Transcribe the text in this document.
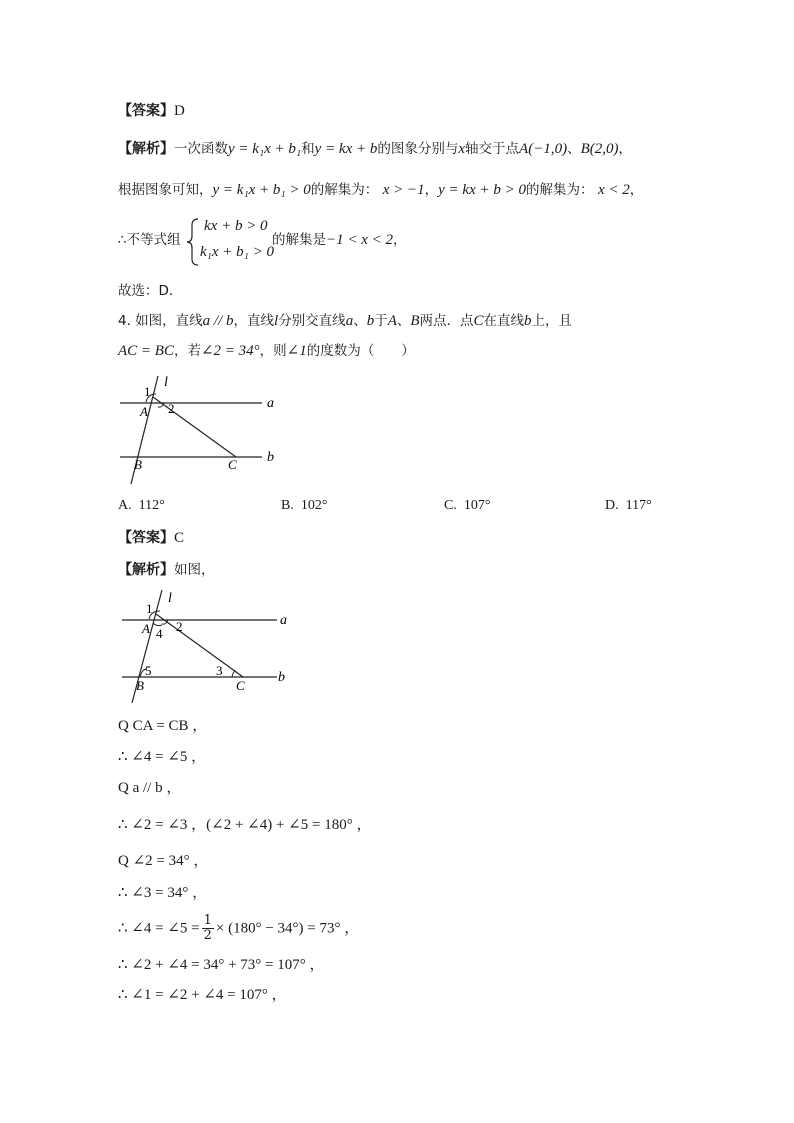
【答案】D
【解析】一次函数y = k₁x + b₁和y = kx + b的图象分别与x轴交于点A(−1,0)、B(2,0)，
根据图象可知，y = k₁x + b₁ > 0的解集为： x > −1，y = kx + b > 0的解集为： x < 2，
∴不等式组
kx + b > 0
k₁x + b₁ > 0
的解集是−1 < x < 2，
故选：D．
4. 如图，直线a // b，直线l分别交直线a、b于A、B两点．点C在直线b上，且
AC = BC，若∠2 = 34°，则∠1的度数为（　　）
1
l
A 2	a
B	C b
A. 112°	B. 102°	C. 107°	D. 117°
【答案】C
【解析】如图，
1
l
A 2
4
a
5	3
B	C
b
Q CA = CB ，
∴ ∠4 = ∠5 ，
Q a // b ，
∴ ∠2 = ∠3 ，(∠2 + ∠4) + ∠5 = 180° ，
Q ∠2 = 34° ，
∴ ∠3 = 34° ，
∴ ∠4 = ∠5 = $\frac{1}{2} \times (180^\circ - 34^\circ) = 73^\circ$ ，
∴ ∠2 + ∠4 = 34° + 73° = 107° ，
∴ ∠1 = ∠2 + ∠4 = 107° ，
